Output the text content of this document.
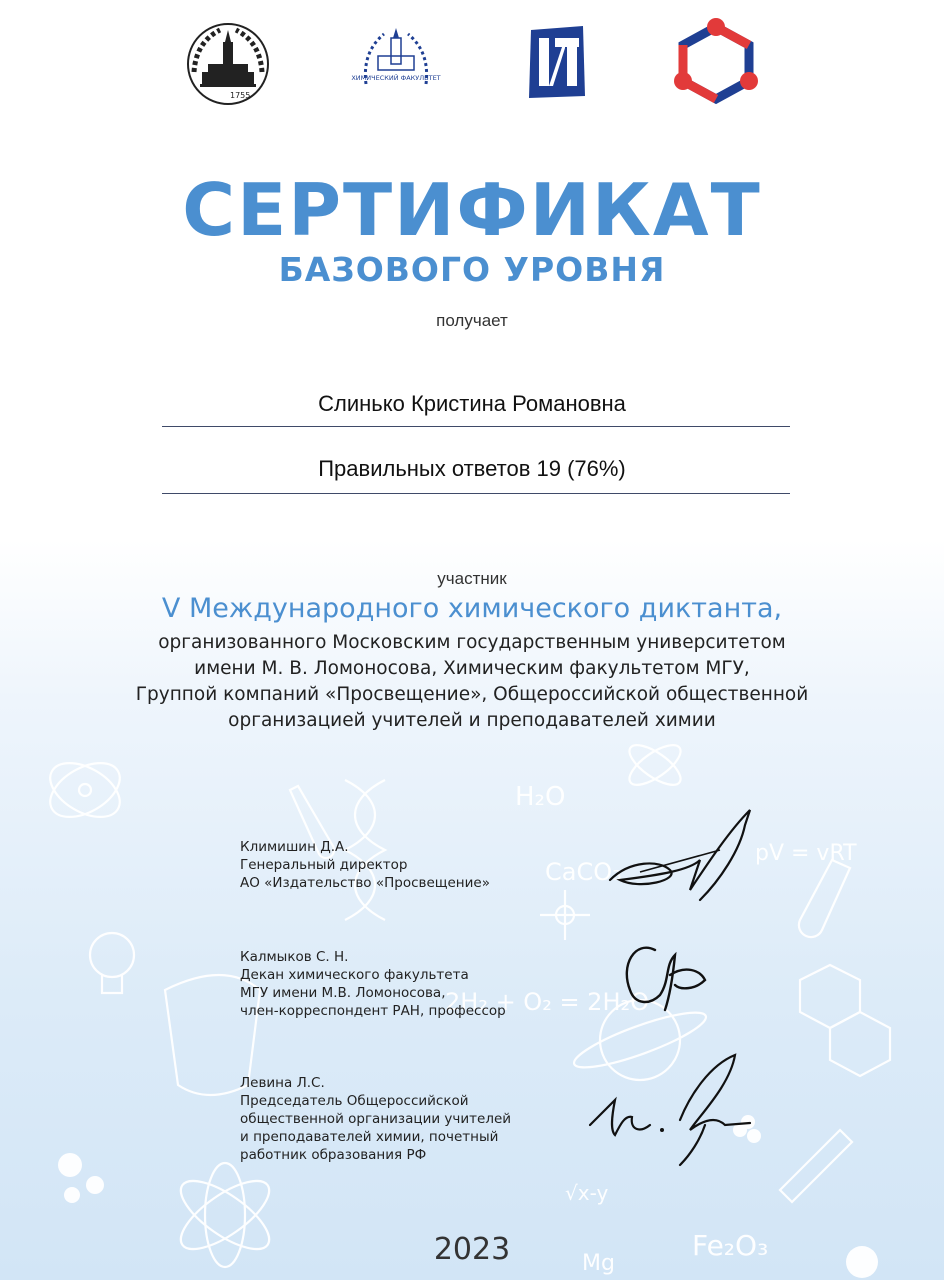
H₂O
2H₂ + O₂ = 2H₂O
Fe₂O₃
CaCO₃
pV = vRT
Mg
√x-y
1755
ХИМИЧЕСКИЙ ФАКУЛЬТЕТ
СЕРТИФИКАТ
БАЗОВОГО УРОВНЯ
получает
Слинько Кристина Романовна
Правильных ответов 19 (76%)
участник
V Международного химического диктанта,
организованного Московским государственным университетом
имени М. В. Ломоносова, Химическим факультетом МГУ,
Группой компаний «Просвещение», Общероссийской общественной
организацией учителей и преподавателей химии
Климишин Д.А.
Генеральный директор
АО «Издательство «Просвещение»
Калмыков С. Н.
Декан химического факультета
МГУ имени М.В. Ломоносова,
член-корреспондент РАН, профессор
Левина Л.С.
Председатель Общероссийской
общественной организации учителей
и преподавателей химии, почетный
работник образования РФ
2023
